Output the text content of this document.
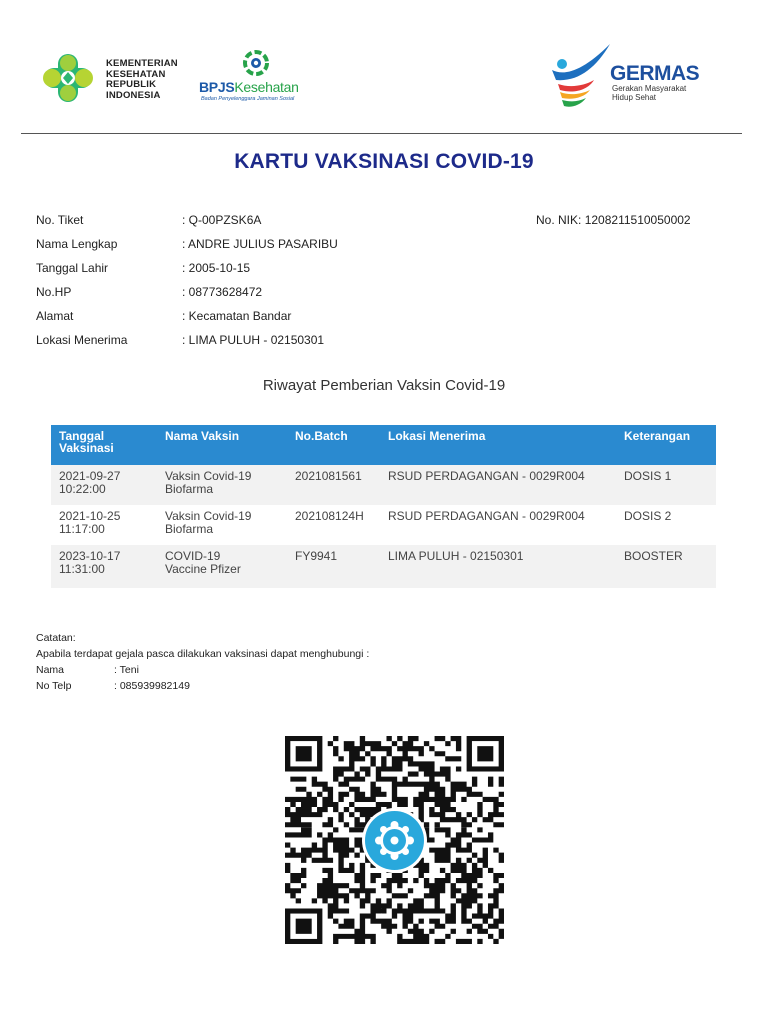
KEMENTERIAN
KESEHATAN
REPUBLIK
INDONESIA	BPJSKesehatan
Badan Penyelenggara Jaminan Sosial
GERMAS
Gerakan Masyarakat
Hidup Sehat
KARTU VAKSINASI COVID-19
No. Tiket	: Q-00PZSK6A
Nama Lengkap	: ANDRE JULIUS PASARIBU
Tanggal Lahir	: 2005-10-15
No.HP	: 08773628472
Alamat	: Kecamatan Bandar
Lokasi Menerima	: LIMA PULUH - 02150301
No. NIK: 1208211510050002
Riwayat Pemberian Vaksin Covid-19
Tanggal
Vaksinasi	Nama Vaksin	No.Batch	Lokasi Menerima	Keterangan

2021-09-27
10:22:00	Vaksin Covid-19
Biofarma	2021081561	RSUD PERDAGANGAN - 0029R004	DOSIS 1

2021-10-25
11:17:00	Vaksin Covid-19
Biofarma	202108124H	RSUD PERDAGANGAN - 0029R004	DOSIS 2

2023-10-17
11:31:00	COVID-19
Vaccine Pfizer	FY9941	LIMA PULUH - 02150301	BOOSTER
Catatan:
Apabila terdapat gejala pasca dilakukan vaksinasi dapat menghubungi :
Nama	: Teni
No Telp	: 085939982149
